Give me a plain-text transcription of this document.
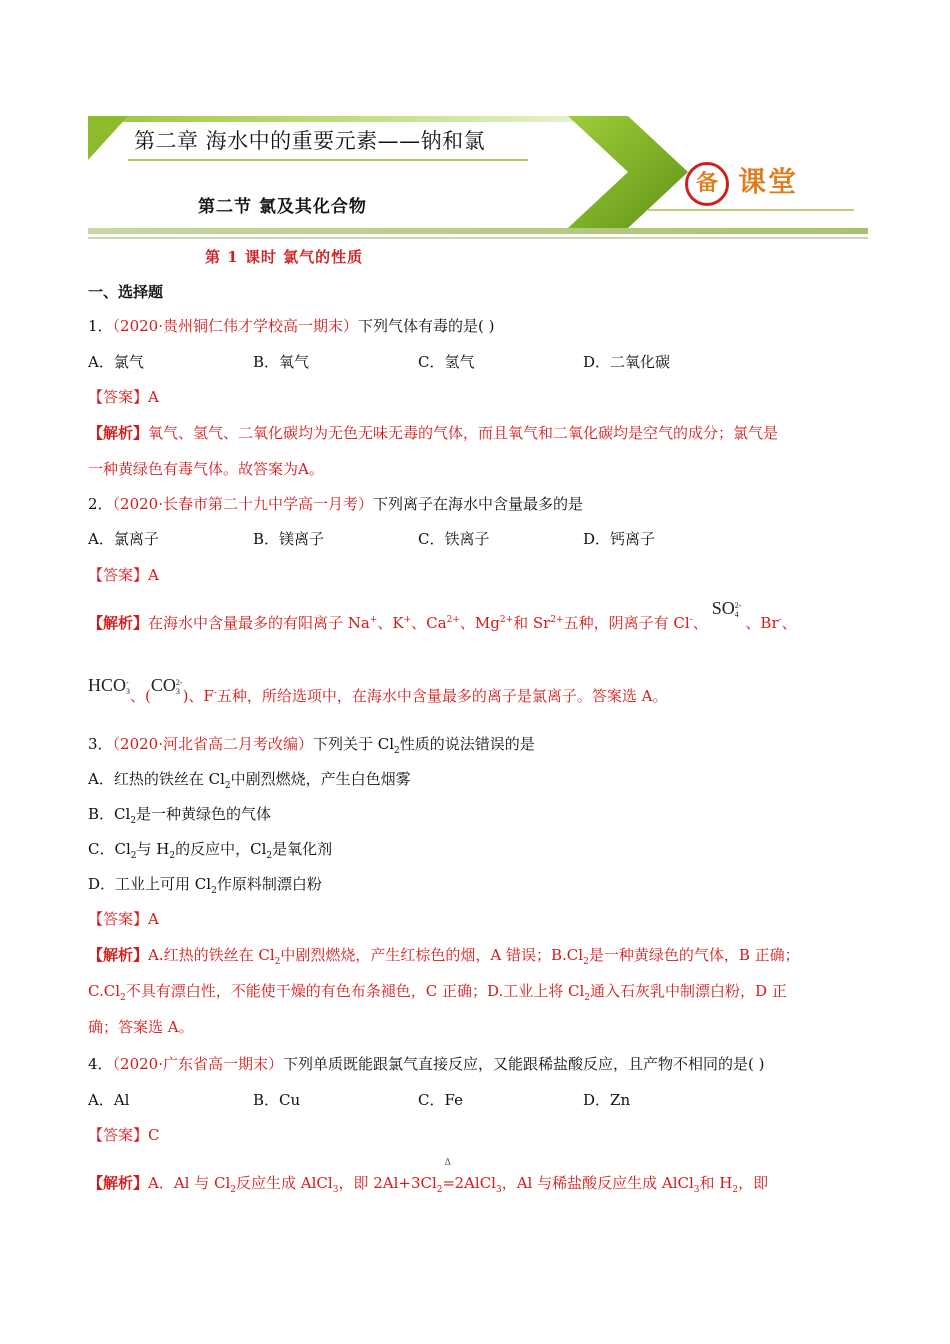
第二章 海水中的重要元素——钠和氯
第二节 氯及其化合物
备 课堂
第 1 课时 氯气的性质
一、选择题
1．（2020·贵州铜仁伟才学校高一期末）下列气体有毒的是( )
A．氯气	B．氧气	C．氢气	D．二氧化碳
【答案】A
【解析】氧气、氢气、二氧化碳均为无色无味无毒的气体，而且氧气和二氧化碳均是空气的成分；氯气是
一种黄绿色有毒气体。故答案为A。
2．（2020·长春市第二十九中学高一月考）下列离子在海水中含量最多的是
A．氯离子	B．镁离子	C．铁离子	D．钙离子
【答案】A
【解析】在海水中含量最多的有阳离子 Na+、K+、$Ca^{2+}$、$Mg^{2+}$和 $Sr^{2+}$五种，阴离子有 Cl-、SO 2-
4 、Br-、
HCO -
3 、(CO 2-
3 )、F-五种，所给选项中，在海水中含量最多的离子是氯离子。答案选 A。
3．（2020·河北省高二月考改编）下列关于 $Cl_2$性质的说法错误的是
A．红热的铁丝在 $Cl_2$中剧烈燃烧，产生白色烟雾
B．$Cl_2$是一种黄绿色的气体
C．$Cl_2$与 $H_2$的反应中，$Cl_2$是氧化剂
D．工业上可用 $Cl_2$作原料制漂白粉
【答案】A
【解析】A.红热的铁丝在 $Cl_2$中剧烈燃烧，产生红棕色的烟，A 错误；$B.Cl_2$是一种黄绿色的气体，B 正确；
$C.Cl_2$不具有漂白性，不能使干燥的有色布条褪色，C 正确；D.工业上将 $Cl_2$通入石灰乳中制漂白粉，D 正
确；答案选 A。
4．（2020·广东省高一期末）下列单质既能跟氯气直接反应，又能跟稀盐酸反应，且产物不相同的是( )
A．Al	B．Cu	C．Fe	D．Zn
【答案】C
【解析】A．Al 与 $Cl_2$反应生成 AlCl$_3$，即 $2Al+3Cl_2$
Δ
=2AlCl$_3$，Al 与稀盐酸反应生成 AlCl$_3$和 $H_2$，即
